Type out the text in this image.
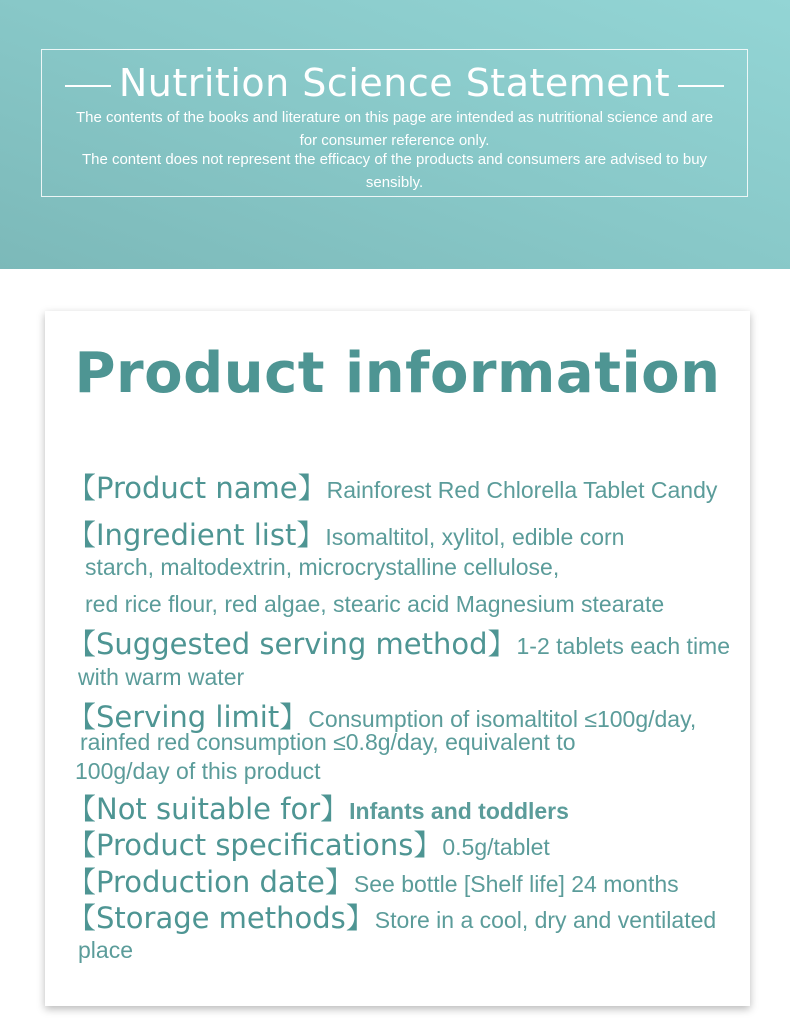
Nutrition Science Statement
The contents of the books and literature on this page are intended as nutritional science and are for consumer reference only.
The content does not represent the efficacy of the products and consumers are advised to buy sensibly.
Product information
【Product name】Rainforest Red Chlorella Tablet Candy
【Ingredient list】Isomaltitol, xylitol, edible corn
starch, maltodextrin, microcrystalline cellulose,
red rice flour, red algae, stearic acid Magnesium stearate
【Suggested serving method】1-2 tablets each time
with warm water
【Serving limit】Consumption of isomaltitol ≤100g/day,
rainfed red consumption ≤0.8g/day, equivalent to
100g/day of this product
【Not suitable for】Infants and toddlers
【Product specifications】0.5g/tablet
【Production date】See bottle [Shelf life] 24 months
【Storage methods】Store in a cool, dry and ventilated
place
